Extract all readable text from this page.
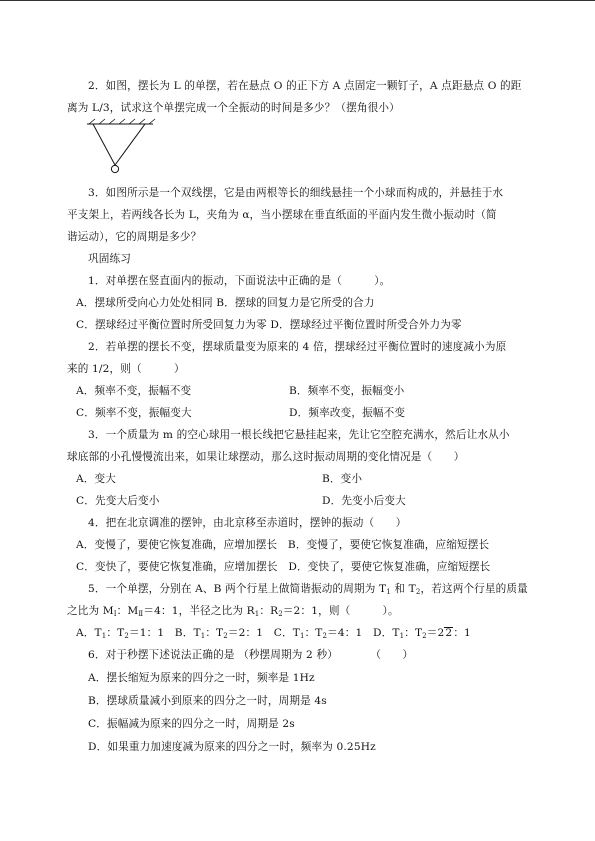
2．如图，摆长为 L 的单摆，若在悬点 O 的正下方 A 点固定一颗钉子，A 点距悬点 O 的距
离为 L/3，试求这个单摆完成一个全振动的时间是多少？（摆角很小）
3．如图所示是一个双线摆，它是由两根等长的细线悬挂一个小球而构成的，并悬挂于水
平支架上，若两线各长为 L，夹角为 α，当小摆球在垂直纸面的平面内发生微小振动时（简
谐运动），它的周期是多少？
巩固练习
1．对单摆在竖直面内的振动，下面说法中正确的是（　　　）。
A．摆球所受向心力处处相同 B．摆球的回复力是它所受的合力
C．摆球经过平衡位置时所受回复力为零 D．摆球经过平衡位置时所受合外力为零
2．若单摆的摆长不变，摆球质量变为原来的 4 倍，摆球经过平衡位置时的速度减小为原
来的 1/2，则（　　　）
A．频率不变，振幅不变	B．频率不变，振幅变小
C．频率不变，振幅变大	D．频率改变，振幅不变
3．一个质量为 m 的空心球用一根长线把它悬挂起来，先让它空腔充满水，然后让水从小
球底部的小孔慢慢流出来，如果让球摆动，那么这时振动周期的变化情况是（　　）
A．变大	B．变小
C．先变大后变小	D．先变小后变大
4．把在北京调准的摆钟，由北京移至赤道时，摆钟的振动（　　）
A．变慢了，要使它恢复准确，应增加摆长　B．变慢了，要使它恢复准确，应缩短摆长
C．变快了，要使它恢复准确，应增加摆长　D．变快了，要使它恢复准确，应缩短摆长
5．一个单摆，分别在 A、B 两个行星上做简谐振动的周期为 $T_1$ 和 $T_2$，若这两个行星的质量
之比为 $M_Ⅰ$：$M_Ⅱ=4$：1，半径之比为 $R_1$：$R_2=2$：1，则（　　　）。
A．$T_1$：$T_2=1$：1 B．$T_1$：$T_2=2$：1 C．$T_1$：$T_2=4$：1 D．$T_1$：$T_2=22$：1
6．对于秒摆下述说法正确的是 （秒摆周期为 2 秒）　　　　（　　）
A．摆长缩短为原来的四分之一时，频率是 1Hz
B．摆球质量减小到原来的四分之一时，周期是 4s
C．振幅减为原来的四分之一时，周期是 2s
D．如果重力加速度减为原来的四分之一时，频率为 0.25Hz
